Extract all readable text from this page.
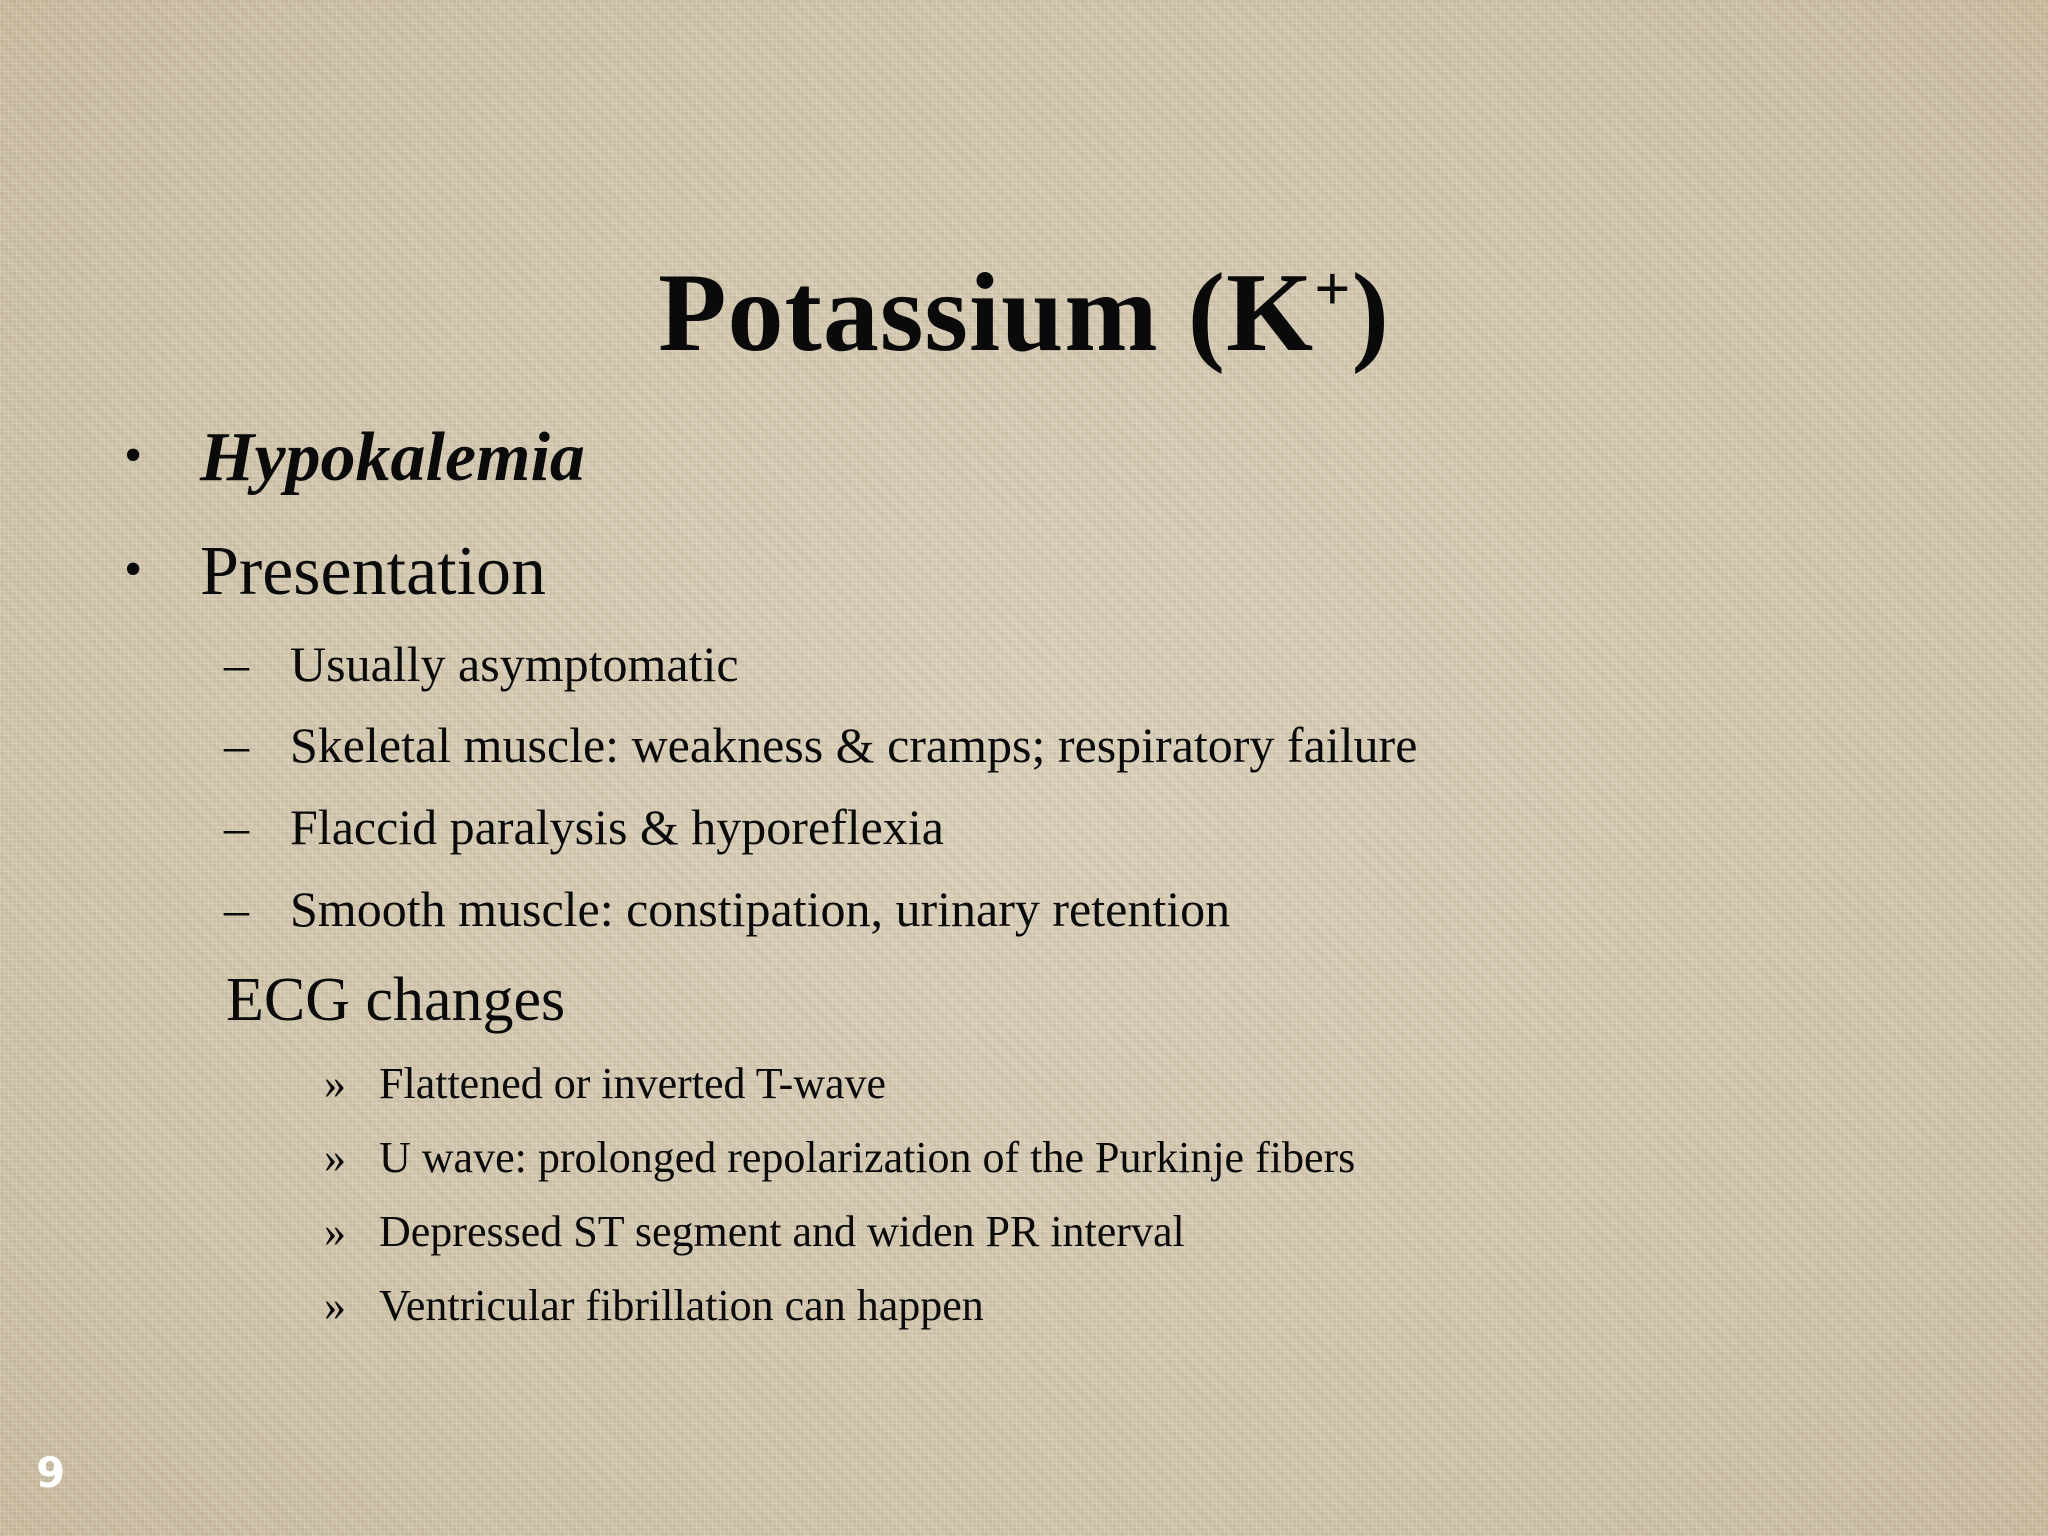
Potassium (K+)
• Hypokalemia
• Presentation
– Usually asymptomatic
– Skeletal muscle: weakness & cramps; respiratory failure
– Flaccid paralysis & hyporeflexia
– Smooth muscle: constipation, urinary retention
ECG changes
» Flattened or inverted T-wave
» U wave: prolonged repolarization of the Purkinje fibers
» Depressed ST segment and widen PR interval
» Ventricular fibrillation can happen
9
